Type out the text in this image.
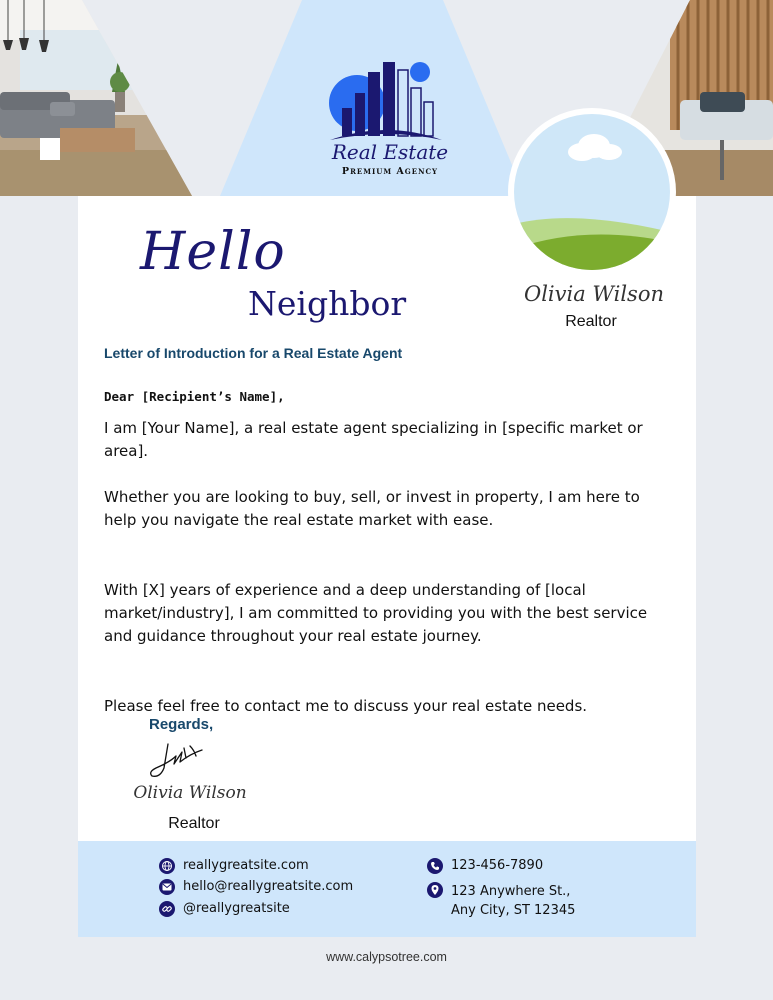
Real Estate
Premium Agency
Hello
Neighbor	Olivia Wilson
Realtor
Letter of Introduction for a Real Estate Agent
Dear [Recipient’s Name],

I am [Your Name], a real estate agent specializing in [specific market or area].

Whether you are looking to buy, sell, or invest in property, I am here to help you navigate the real estate market with ease.

With [X] years of experience and a deep understanding of [local market/industry], I am committed to providing you with the best service and guidance throughout your real estate journey.

Please feel free to contact me to discuss your real estate needs.

Regards,
Olivia Wilson
Realtor
reallygreatsite.com
hello@reallygreatsite.com
@reallygreatsite
123-456-7890
123 Anywhere St.,
Any City, ST 12345
www.calypsotree.com
